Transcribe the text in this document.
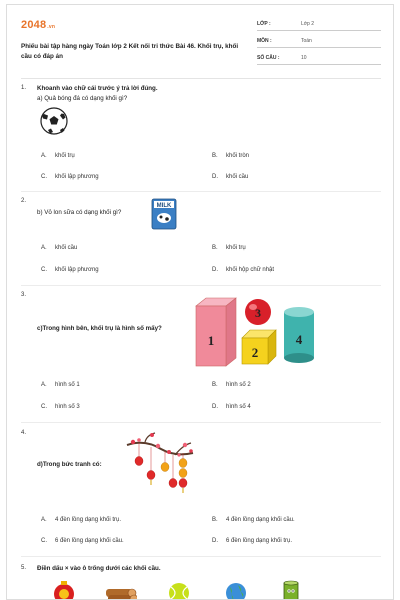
2048.vn
Phiếu bài tập hàng ngày Toán lớp 2 Kết nối tri thức Bài 46. Khối trụ, khối cầu có đáp án
LỚP :	Lớp 2
MÔN :	Toán
SỐ CÂU :	10
1. Khoanh vào chữ cái trước ý trả lời đúng.
a) Quả bóng đá có dạng khối gì?
A. khối trụ	B. khối tròn
C. khối lập phương	D. khối cầu
2.
b) Vỏ lon sữa có dạng khối gì?
MILK
A. khối cầu	B. khối trụ
C. khối lập phương	D. khối hộp chữ nhật
3.
c)Trong hình bên, khối trụ là hình số mấy?
1
3
2
4
A. hình số 1	B. hình số 2
C. hình số 3	D. hình số 4
4.
d)Trong bức tranh có:
A. 4 đèn lồng dạng khối trụ.	B. 4 đèn lồng dạng khối cầu.
C. 6 đèn lồng dạng khối cầu.	D. 6 đèn lồng dạng khối trụ.
5. Điền dấu × vào ô trống dưới các khối cầu.
